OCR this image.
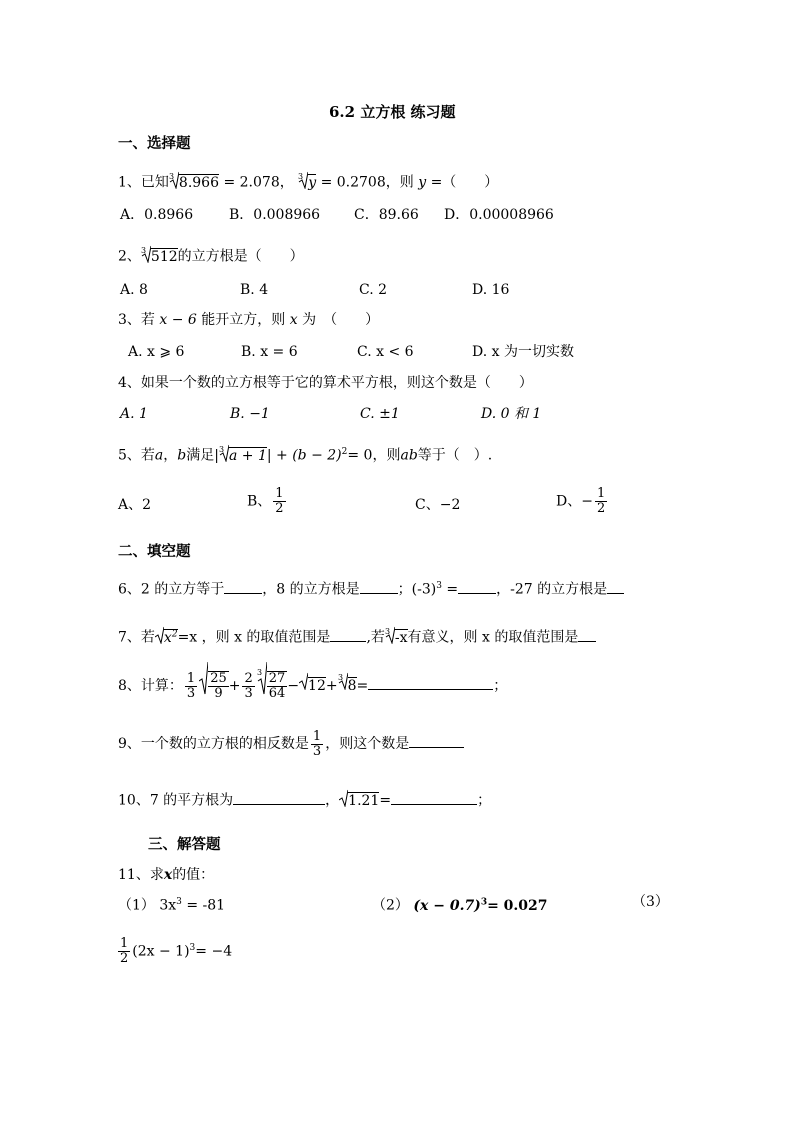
6.2 立方根 练习题
一、选择题
1、已知 3 8.966 = 2.078， 3 y = 0.2708，则 y =（　　）
A．0.8966	B．0.008966 C．89.66 D．0.00008966
2、 3 512的立方根是（　　）
A. 8	B. 4	C. 2	D. 16
3、若 x − 6 能开立方，则 x 为　（　　）
A. x ⩾ 6	B. x = 6	C. x < 6	D. x 为一切实数
4、如果一个数的立方根等于它的算术平方根，则这个数是（　　）
A. 1	B. −1	C. ±1	D. 0 和 1
5、若a，b满足| 3 $a + 1| + (b - 2)^2= 0$，则ab等于（　）.
A、2	B、 $\frac{1}{2}$	C、−2	D、− $\frac{1}{2}$
二、填空题
6、2 的立方等于	，8 的立方根是	；$(-3)^3$ =	，-27 的立方根是
7、若 $x^2=x$ ，则 x 的取值范围是	,若 3 -x有意义，则 x 的取值范围是
8、计算： $\frac{1}{3} \frac{25}{9} + \frac{2}{3} 3 \frac{27}{64} - 12+$
3
8=	；
9、一个数的立方根的相反数是 $\frac{1}{3}$ ，则这个数是
10、7 的平方根为	， 1.21=	；
三、解答题
11、求x的值：
（1） $3x^3 = -81$	（2） $(x - 0.7)^3= 0.027$	（3）
$\frac{1}{2} (2x - 1)^3= -4$
